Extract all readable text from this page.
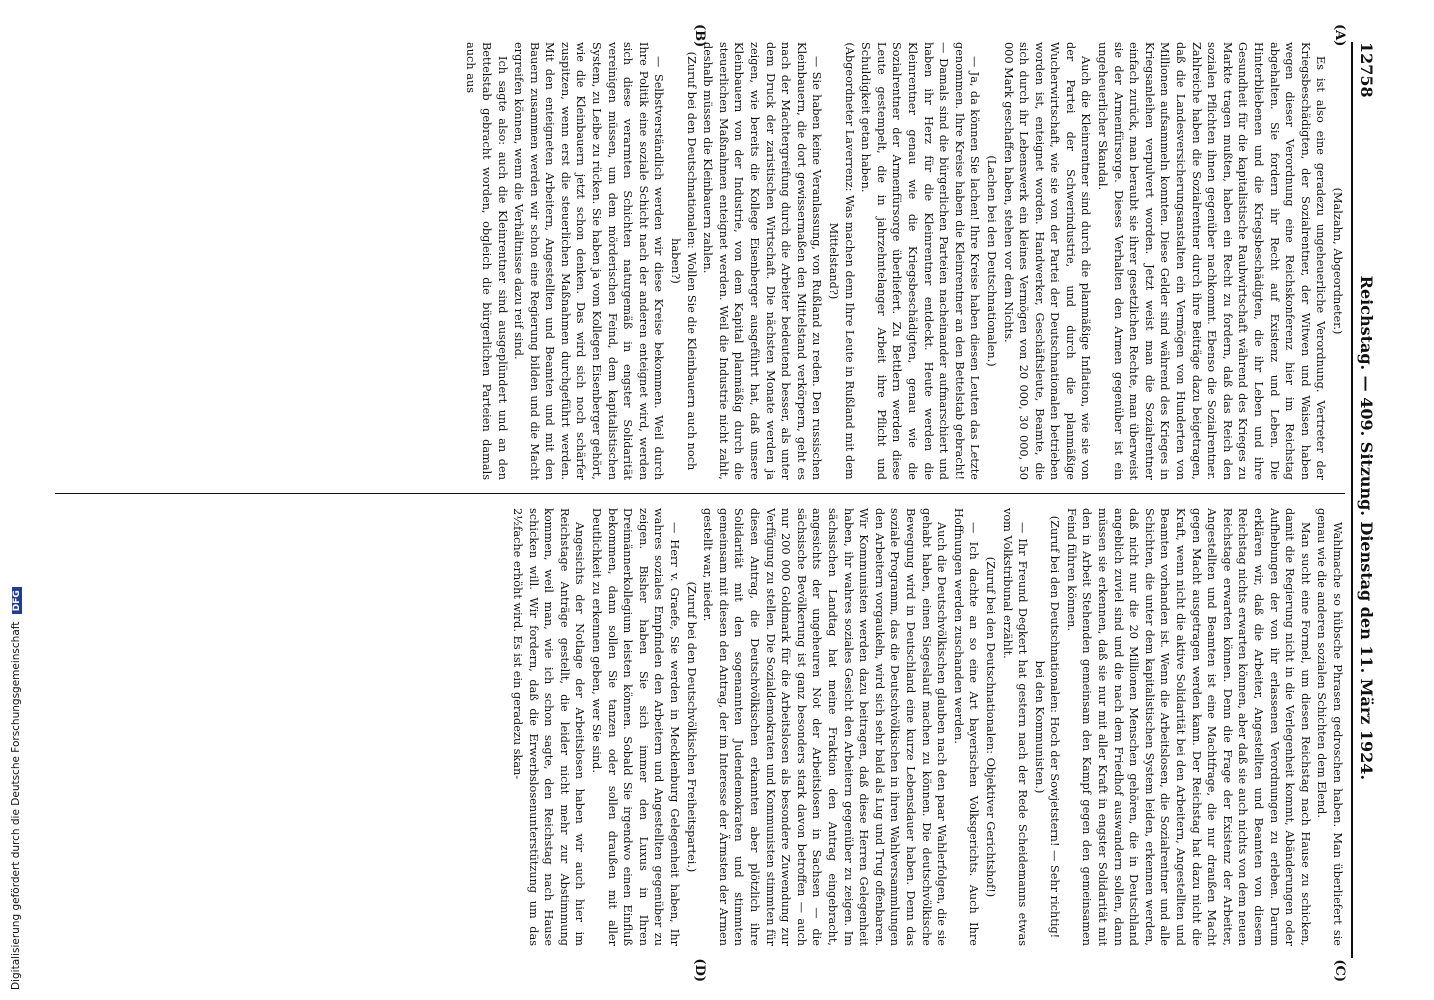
12758
Reichstag. — 409. Sitzung. Dienstag den 11. März 1924.
(A)
(B)
(C)
(D)

(Malzahn, Abgeordneter.)

Es ist also eine geradezu ungeheuerliche Verordnung. Vertreter der Kriegsbeschädigten, der Sozialrentner, der Witwen und Waisen haben wegen dieser Verordnung eine Reichskonferenz hier im Reichstag abgehalten. Sie fordern ihr Recht auf Existenz und Leben. Die Hinterbliebenen und die Kriegsbeschädigten, die ihr Leben und ihre Gesundheit für die kapitalistische Raubwirtschaft während des Krieges zu Markte tragen mußten, haben ein Recht zu fordern, daß das Reich den sozialen Pflichten ihnen gegenüber nachkommt. Ebenso die Sozialrentner. Zahlreiche haben die Sozialrentner durch ihre Beiträge dazu beigetragen, daß die Landesversicherungsanstalten ein Vermögen von Hunderten von Millionen aufsammeln konnten. Diese Gelder sind während des Krieges in Kriegsanleihen verpulvert worden. Jetzt weist man die Sozialrentner einfach zurück, man beraubt sie ihrer gesetzlichen Rechte, man überweist sie der Armenfürsorge. Dieses Verhalten den Armen gegenüber ist ein ungeheuerlicher Skandal.

Auch die Kleinrentner sind durch die planmäßige Inflation, wie sie von der Partei der Schwerindustrie, und durch die planmäßige Wucherwirtschaft, wie sie von der Partei der Deutschnationalen betrieben worden ist, enteignet worden. Handwerker, Geschäftsleute, Beamte, die sich durch ihr Lebenswerk ein kleines Vermögen von 20 000, 30 000, 50 000 Mark geschaffen haben, stehen vor dem Nichts.

(Lachen bei den Deutschnationalen.)

— Ja, da können Sie lachen! Ihre Kreise haben diesen Leuten das Letzte genommen. Ihre Kreise haben die Kleinrentner an den Bettelstab gebracht! — Damals sind die bürgerlichen Parteien nacheinander aufmarschiert und haben ihr Herz für die Kleinrentner entdeckt. Heute werden die Kleinrentner genau wie die Kriegsbeschädigten, genau wie die Sozialrentner der Armenfürsorge überliefert. Zu Bettlern werden diese Leute gestempelt, die in jahrzehntelanger Arbeit ihre Pflicht und Schuldigkeit getan haben.

(Abgeordneter Laverrenz: Was machen denn Ihre Leute in Rußland mit dem Mittelstand?)

— Sie haben keine Veranlassung, von Rußland zu reden. Den russischen Kleinbauern, die dort gewissermaßen den Mittelstand verkörpern, geht es nach der Machtergreifung durch die Arbeiter bedeutend besser, als unter dem Druck der zaristischen Wirtschaft. Die nächsten Monate werden ja zeigen, wie bereits die Kollege Eisenberger ausgeführt hat, daß unsere Kleinbauern von der Industrie, von dem Kapital planmäßig durch die steuerlichen Maßnahmen enteignet werden. Weil die Industrie nicht zahlt, deshalb müssen die Kleinbauern zahlen.

(Zuruf bei den Deutschnationalen: Wollen Sie die Kleinbauern auch noch haben?)

— Selbstverständlich werden wir diese Kreise bekommen. Weil durch Ihre Politik eine soziale Schicht nach der anderen enteignet wird, werden sich diese verarmten Schichten naturgemäß in engster Solidarität vereinigen müssen, um dem mörderischen Feind, dem kapitalistischen System, zu Leibe zu rücken. Sie haben ja vom Kollegen Eisenberger gehört, wie die Kleinbauern jetzt schon denken. Das wird sich noch schärfer zuspitzen, wenn erst die steuerlichen Maßnahmen durchgeführt werden. Mit den enteigneten Arbeitern, Angestellten und Beamten und mit den Bauern zusammen werden wir schon eine Regierung bilden und die Macht ergreifen können, wenn die Verhältnisse dazu reif sind.

Ich sagte also: auch die Kleinrentner sind ausgeplündert und an den Bettelstab gebracht worden, obgleich die bürgerlichen Parteien damals auch aus

Wahlmache so hübsche Phrasen gedroschen haben. Man überliefert sie genau wie die anderen sozialen Schichten dem Elend.

Man sucht eine Formel, um diesen Reichstag nach Hause zu schicken, damit die Regierung nicht in die Verlegenheit kommt, Abänderungen oder Aufhebungen der von ihr erlassenen Verordnungen zu erleben. Darum erklären wir, daß die Arbeiter, Angestellten und Beamten von diesem Reichstag nichts erwarten können, aber daß sie auch nichts von dem neuen Reichstage erwarten können. Denn die Frage der Existenz der Arbeiter, Angestellten und Beamten ist eine Machtfrage, die nur draußen Macht gegen Macht ausgetragen werden kann. Der Reichstag hat dazu nicht die Kraft, wenn nicht die aktive Solidarität bei den Arbeitern, Angestellten und Beamten vorhanden ist. Wenn die Arbeitslosen, die Sozialrentner und alle Schichten, die unter dem kapitalistischen System leiden, erkennen werden, daß nicht nur die 20 Millionen Menschen gehören, die in Deutschland angeblich zuviel sind und die nach dem Friedhof auswandern sollen, dann müssen sie erkennen, daß sie nur mit aller Kraft in engster Solidarität mit den in Arbeit Stehenden gemeinsam den Kampf gegen den gemeinsamen Feind führen können.

(Zuruf bei den Deutschnationalen: Hoch der Sowjetstern! — Sehr richtig! bei den Kommunisten.)

— Ihr Freund Degkert hat gestern nach der Rede Scheidemanns etwas vom Volkstribunal erzählt.

(Zuruf bei den Deutschnationalen: Objektiver Gerichtshof!)

— Ich dachte an so eine Art bayerischen Volksgerichts. Auch Ihre Hoffnungen werden zuschanden werden.

Auch die Deutschvölkischen glauben nach den paar Wahlerfolgen, die sie gehabt haben, einen Siegeslauf machen zu können. Die deutschvölkische Bewegung wird in Deutschland eine kurze Lebensdauer haben. Denn das soziale Programm, das die Deutschvölkischen in ihren Wahlversammlungen den Arbeitern vorgaukeln, wird sich sehr bald als Lug und Trug offenbaren. Wir Kommunisten werden dazu beitragen, daß diese Herren Gelegenheit haben, ihr wahres soziales Gesicht den Arbeitern gegenüber zu zeigen. Im sächsischen Landtag hat meine Fraktion den Antrag eingebracht, angesichts der ungeheuren Not der Arbeitslosen in Sachsen — die sächsische Bevölkerung ist ganz besonders stark davon betroffen — auch nur 200 000 Goldmark für die Arbeitslosen als besondere Zuwendung zur Verfügung zu stellen. Die Sozialdemokraten und Kommunisten stimmten für diesen Antrag, die Deutschvölkischen erkannten aber plötzlich ihre Solidarität mit den sogenannten Judendemokraten und stimmten gemeinsam mit diesen den Antrag, der im Interesse der Ärmsten der Armen gestellt war, nieder.

(Zuruf bei den Deutschvölkischen Freiheitspartei.)

— Herr v. Graefe, Sie werden in Mecklenburg Gelegenheit haben, Ihr wahres soziales Empfinden den Arbeitern und Angestellten gegenüber zu zeigen. Bisher haben Sie sich immer den Luxus in Ihren Dreimännerkollegium leisten können. Sobald Sie irgendwo einen Einfluß bekommen, dann sollen Sie tanzen oder sollen draußen mit aller Deutlichkeit zu erkennen geben, wer Sie sind.

Angesichts der Notlage der Arbeitslosen haben wir auch hier im Reichstage Anträge gestellt, die leider nicht mehr zur Abstimmung kommen, weil man, wie ich schon sagte, den Reichstag nach Hause schicken will. Wir fordern, daß die Erwerbslosenunterstützung um das 2½fache erhöht wird. Es ist ein geradezu skan-

Digitalisierung gefördert durch die Deutsche Forschungsgemeinschaft DFG
